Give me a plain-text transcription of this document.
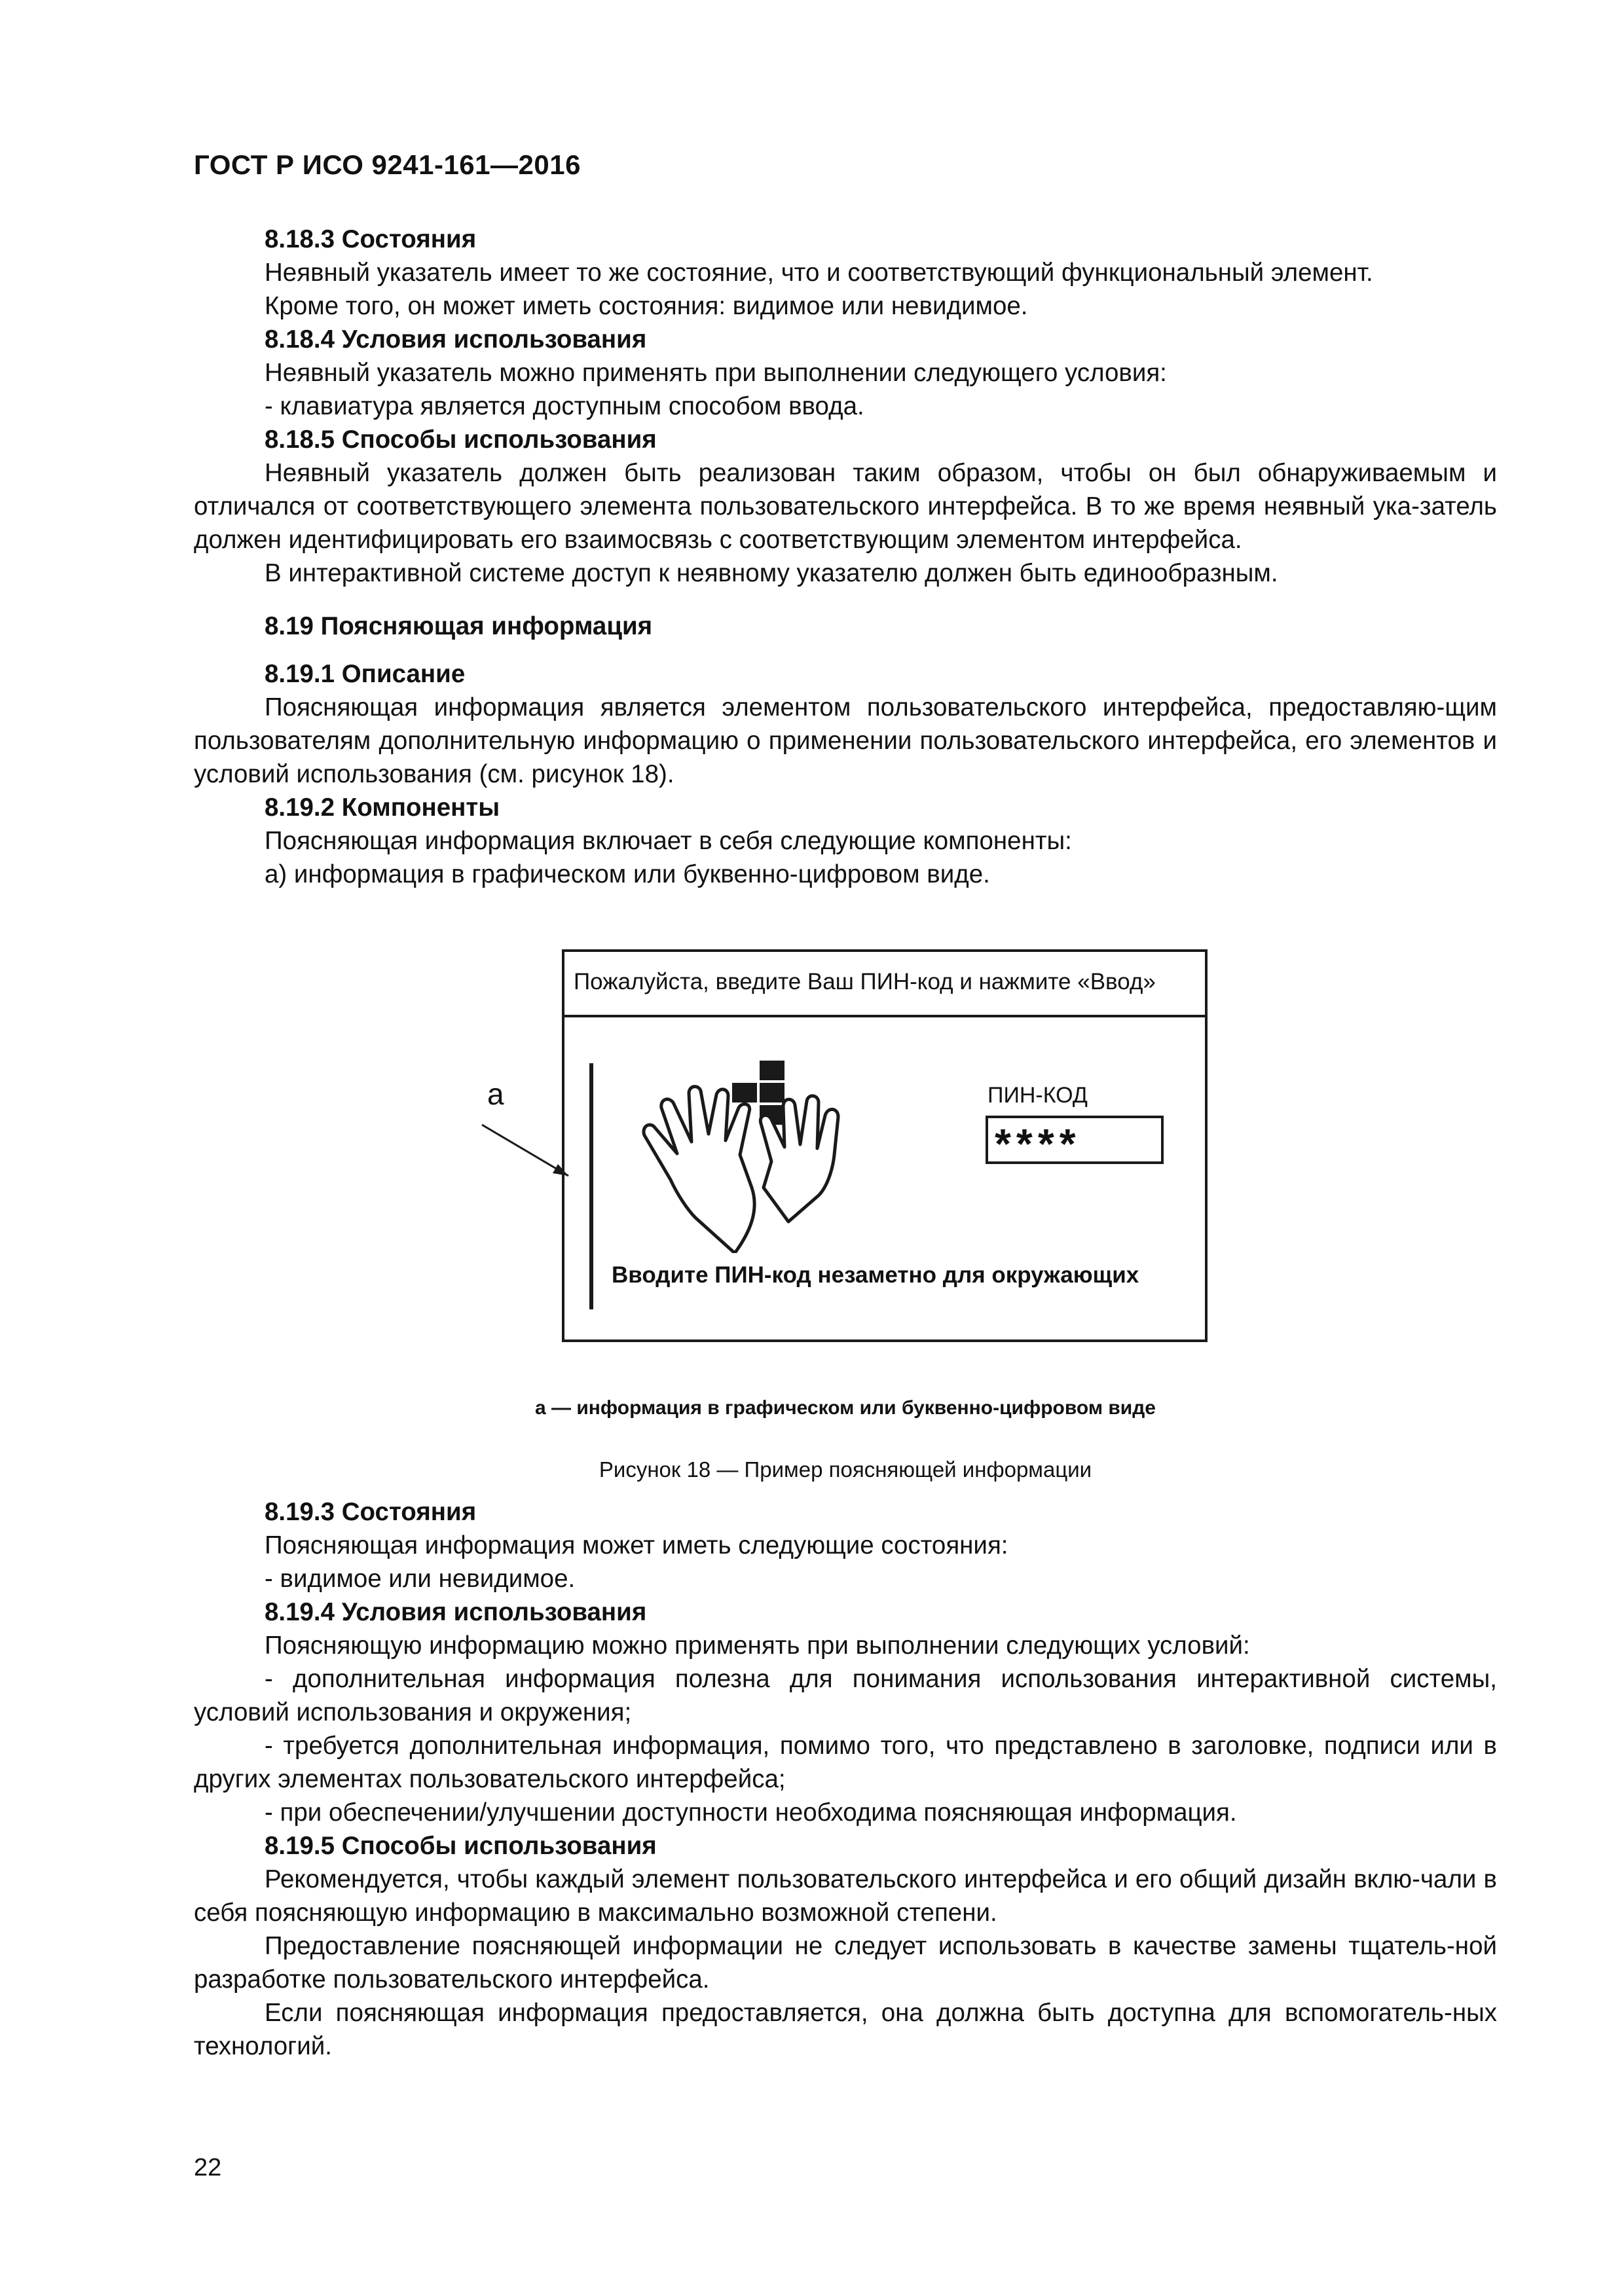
ГОСТ Р ИСО 9241-161—2016

8.18.3 Состояния

Неявный указатель имеет то же состояние, что и соответствующий функциональный элемент.

Кроме того, он может иметь состояния: видимое или невидимое.

8.18.4 Условия использования

Неявный указатель можно применять при выполнении следующего условия:

- клавиатура является доступным способом ввода.

8.18.5 Способы использования

Неявный указатель должен быть реализован таким образом, чтобы он был обнаруживаемым и отличался от соответствующего элемента пользовательского интерфейса. В то же время неявный ука-затель должен идентифицировать его взаимосвязь с соответствующим элементом интерфейса.

В интерактивной системе доступ к неявному указателю должен быть единообразным.

8.19 Поясняющая информация

8.19.1 Описание

Поясняющая информация является элементом пользовательского интерфейса, предоставляю-щим пользователям дополнительную информацию о применении пользовательского интерфейса, его элементов и условий использования (см. рисунок 18).

8.19.2 Компоненты

Поясняющая информация включает в себя следующие компоненты:

а) информация в графическом или буквенно-цифровом виде.

а
Пожалуйста, введите Ваш ПИН-код и нажмите «Ввод»
ПИН-КОД
****
Вводите ПИН-код незаметно для окружающих
а — информация в графическом или буквенно-цифровом виде
Рисунок 18 — Пример поясняющей информации

8.19.3 Состояния

Поясняющая информация может иметь следующие состояния:

- видимое или невидимое.

8.19.4 Условия использования

Поясняющую информацию можно применять при выполнении следующих условий:

- дополнительная информация полезна для понимания использования интерактивной системы, условий использования и окружения;

- требуется дополнительная информация, помимо того, что представлено в заголовке, подписи или в других элементах пользовательского интерфейса;

- при обеспечении/улучшении доступности необходима поясняющая информация.

8.19.5 Способы использования

Рекомендуется, чтобы каждый элемент пользовательского интерфейса и его общий дизайн вклю-чали в себя поясняющую информацию в максимально возможной степени.

Предоставление поясняющей информации не следует использовать в качестве замены тщатель-ной разработке пользовательского интерфейса.

Если поясняющая информация предоставляется, она должна быть доступна для вспомогатель-ных технологий.

22
